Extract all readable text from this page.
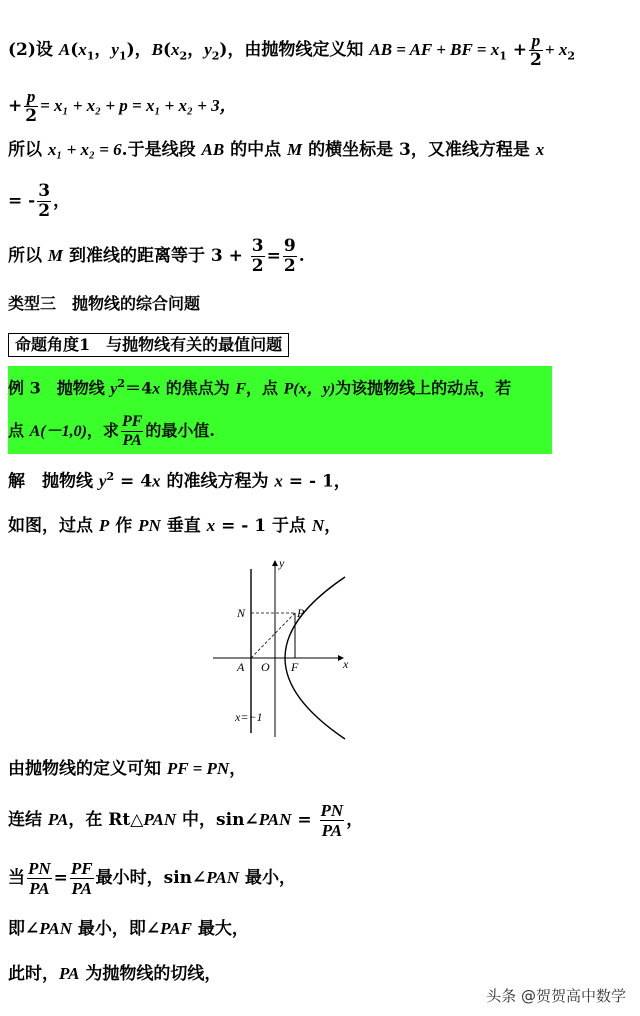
(2)设 $A(x_1$，$y_1$)，$B(x_2$，$y_2$)，由抛物线定义知 AB = AF + BF = $x_1 + \frac{p}{2} + x_2$
+ $\frac{p}{2} = x_1 + x_2 + p = x_1 + x_2 + 3$，
所以 x₁ + x₂ = 6.于是线段 AB 的中点 M 的横坐标是 3，又准线方程是 x
= - $\frac{3}{2}$ ，
所以 M 到准线的距离等于 $3 + \frac{3}{2} = \frac{9}{2}$ .
类型三　抛物线的综合问题
命题角度1　与抛物线有关的最值问题
例 3　抛物线 $y^2=4x$ 的焦点为 F，点 P(x，y)为该抛物线上的动点，若
点 A(－1,0)，求 $\frac{PF}{PA}$ 的最小值.
解　抛物线 $y^2 = 4x$ 的准线方程为 x = - 1，
如图，过点 P 作 PN 垂直 x = - 1 于点 N，
y
x
N	P
A O F
x=−1
由抛物线的定义可知 PF = PN，
连结 PA，在 Rt△PAN 中，sin∠PAN = $\frac{PN}{PA}$ ，
当 $\frac{PN}{PA} = \frac{PF}{PA}$ 最小时，sin∠PAN 最小，
即∠PAN 最小，即∠PAF 最大，
此时，PA 为抛物线的切线，
头条 @贺贺高中数学
